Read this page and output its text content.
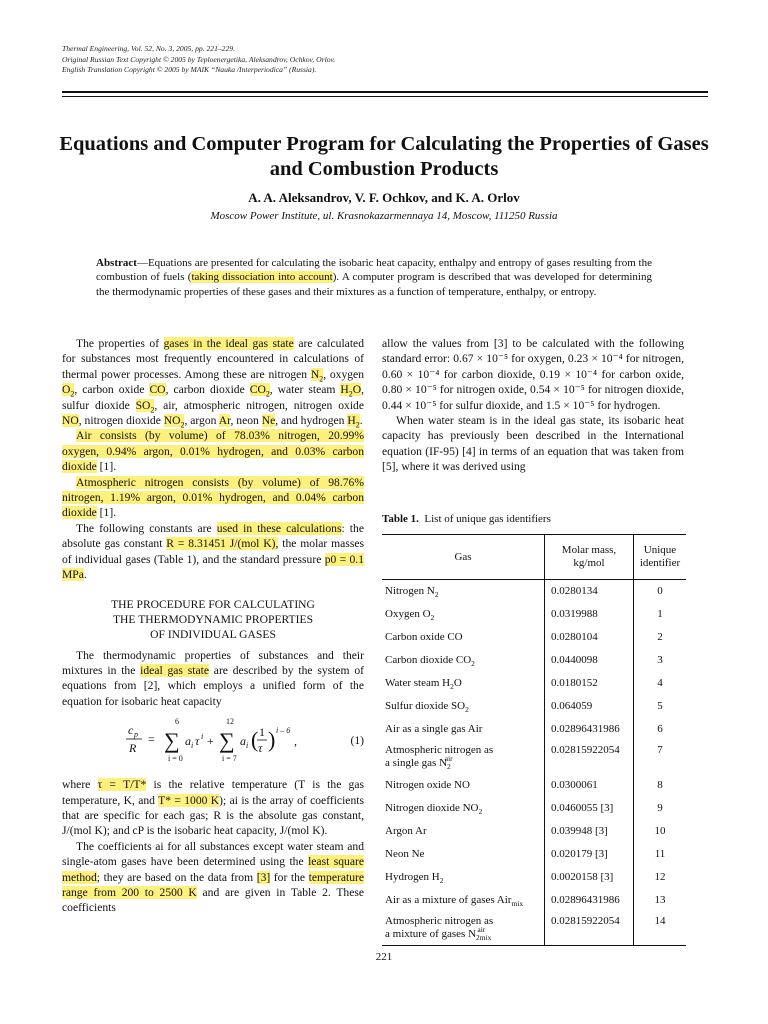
Thermal Engineering, Vol. 52, No. 3, 2005, pp. 221–229.
Original Russian Text Copyright © 2005 by Teploenergetika, Aleksandrov, Ochkov, Orlov.
English Translation Copyright © 2005 by MAIK “Nauka /Interperiodica” (Russia).
Equations and Computer Program for Calculating the Properties of Gases and Combustion Products
A. A. Aleksandrov, V. F. Ochkov, and K. A. Orlov
Moscow Power Institute, ul. Krasnokazarmennaya 14, Moscow, 111250 Russia
Abstract—Equations are presented for calculating the isobaric heat capacity, enthalpy and entropy of gases resulting from the combustion of fuels (taking dissociation into account). A computer program is described that was developed for determining the thermodynamic properties of these gases and their mixtures as a function of temperature, enthalpy, or entropy.

The properties of gases in the ideal gas state are calculated for substances most frequently encountered in calculations of thermal power processes. Among these are nitrogen $N_2$, oxygen $O_2$, carbon oxide CO, carbon dioxide $CO_2$, water steam $H_2O$, sulfur dioxide $SO_2$, air, atmospheric nitrogen, nitrogen oxide NO, nitrogen dioxide $NO_2$, argon Ar, neon Ne, and hydrogen $H_2$.

Air consists (by volume) of 78.03% nitrogen, 20.99% oxygen, 0.94% argon, 0.01% hydrogen, and 0.03% carbon dioxide [1].

Atmospheric nitrogen consists (by volume) of 98.76% nitrogen, 1.19% argon, 0.01% hydrogen, and 0.04% carbon dioxide [1].

The following constants are used in these calculations: the absolute gas constant R = 8.31451 J/(mol K), the molar masses of individual gases (Table 1), and the standard pressure p0 = 0.1 MPa.

THE PROCEDURE FOR CALCULATING
THE THERMODYNAMIC PROPERTIES
OF INDIVIDUAL GASES

The thermodynamic properties of substances and their mixtures in the ideal gas state are described by the system of equations from [2], which employs a unified form of the equation for isobaric heat capacity

c p
R
=
6
∑
i = 0
a i τ i +
12
∑
i = 7
a i ( 1
τ ) i – 6
,	(1)

where τ = T/T* is the relative temperature (T is the gas temperature, K, and T* = 1000 K); ai is the array of coefficients that are specific for each gas; R is the absolute gas constant, J/(mol K); and cP is the isobaric heat capacity, J/(mol K).

The coefficients ai for all substances except water steam and single-atom gases have been determined using the least square method; they are based on the data from [3] for the temperature range from 200 to 2500 K and are given in Table 2. These coefficients

allow the values from [3] to be calculated with the following standard error: 0.67 × 10⁻⁵ for oxygen, 0.23 × 10⁻⁴ for nitrogen, 0.60 × 10⁻⁴ for carbon dioxide, 0.19 × 10⁻⁴ for carbon oxide, 0.80 × 10⁻⁵ for nitrogen oxide, 0.54 × 10⁻⁵ for nitrogen dioxide, 0.44 × 10⁻⁵ for sulfur dioxide, and 1.5 × 10⁻⁵ for hydrogen.

When water steam is in the ideal gas state, its isobaric heat capacity has previously been described in the International equation (IF-95) [4] in terms of an equation that was taken from [5], where it was derived using

Table 1. List of unique gas identifiers
Gas	Molar mass, kg/mol	Unique identifier
Nitrogen $N_2$	0.0280134	0
Oxygen $O_2$	0.0319988	1
Carbon oxide CO	0.0280104	2
Carbon dioxide $CO_2$	0.0440098	3
Water steam $H_2O$	0.0180152	4
Sulfur dioxide $SO_2$	0.064059	5
Air as a single gas Air	0.02896431986	6
Atmospheric nitrogen as
a single gas $N_2^{air}$	0.02815922054	7
Nitrogen oxide NO	0.0300061	8
Nitrogen dioxide $NO_2$	0.0460055 [3]	9
Argon Ar	0.039948 [3]	10
Neon Ne	0.020179 [3]	11
Hydrogen $H_2$	0.0020158 [3]	12
Air as a mixture of gases Air$_{mix}$	0.02896431986	13
Atmospheric nitrogen as
a mixture of gases $N_{2mix}^{air}$	0.02815922054	14
221
